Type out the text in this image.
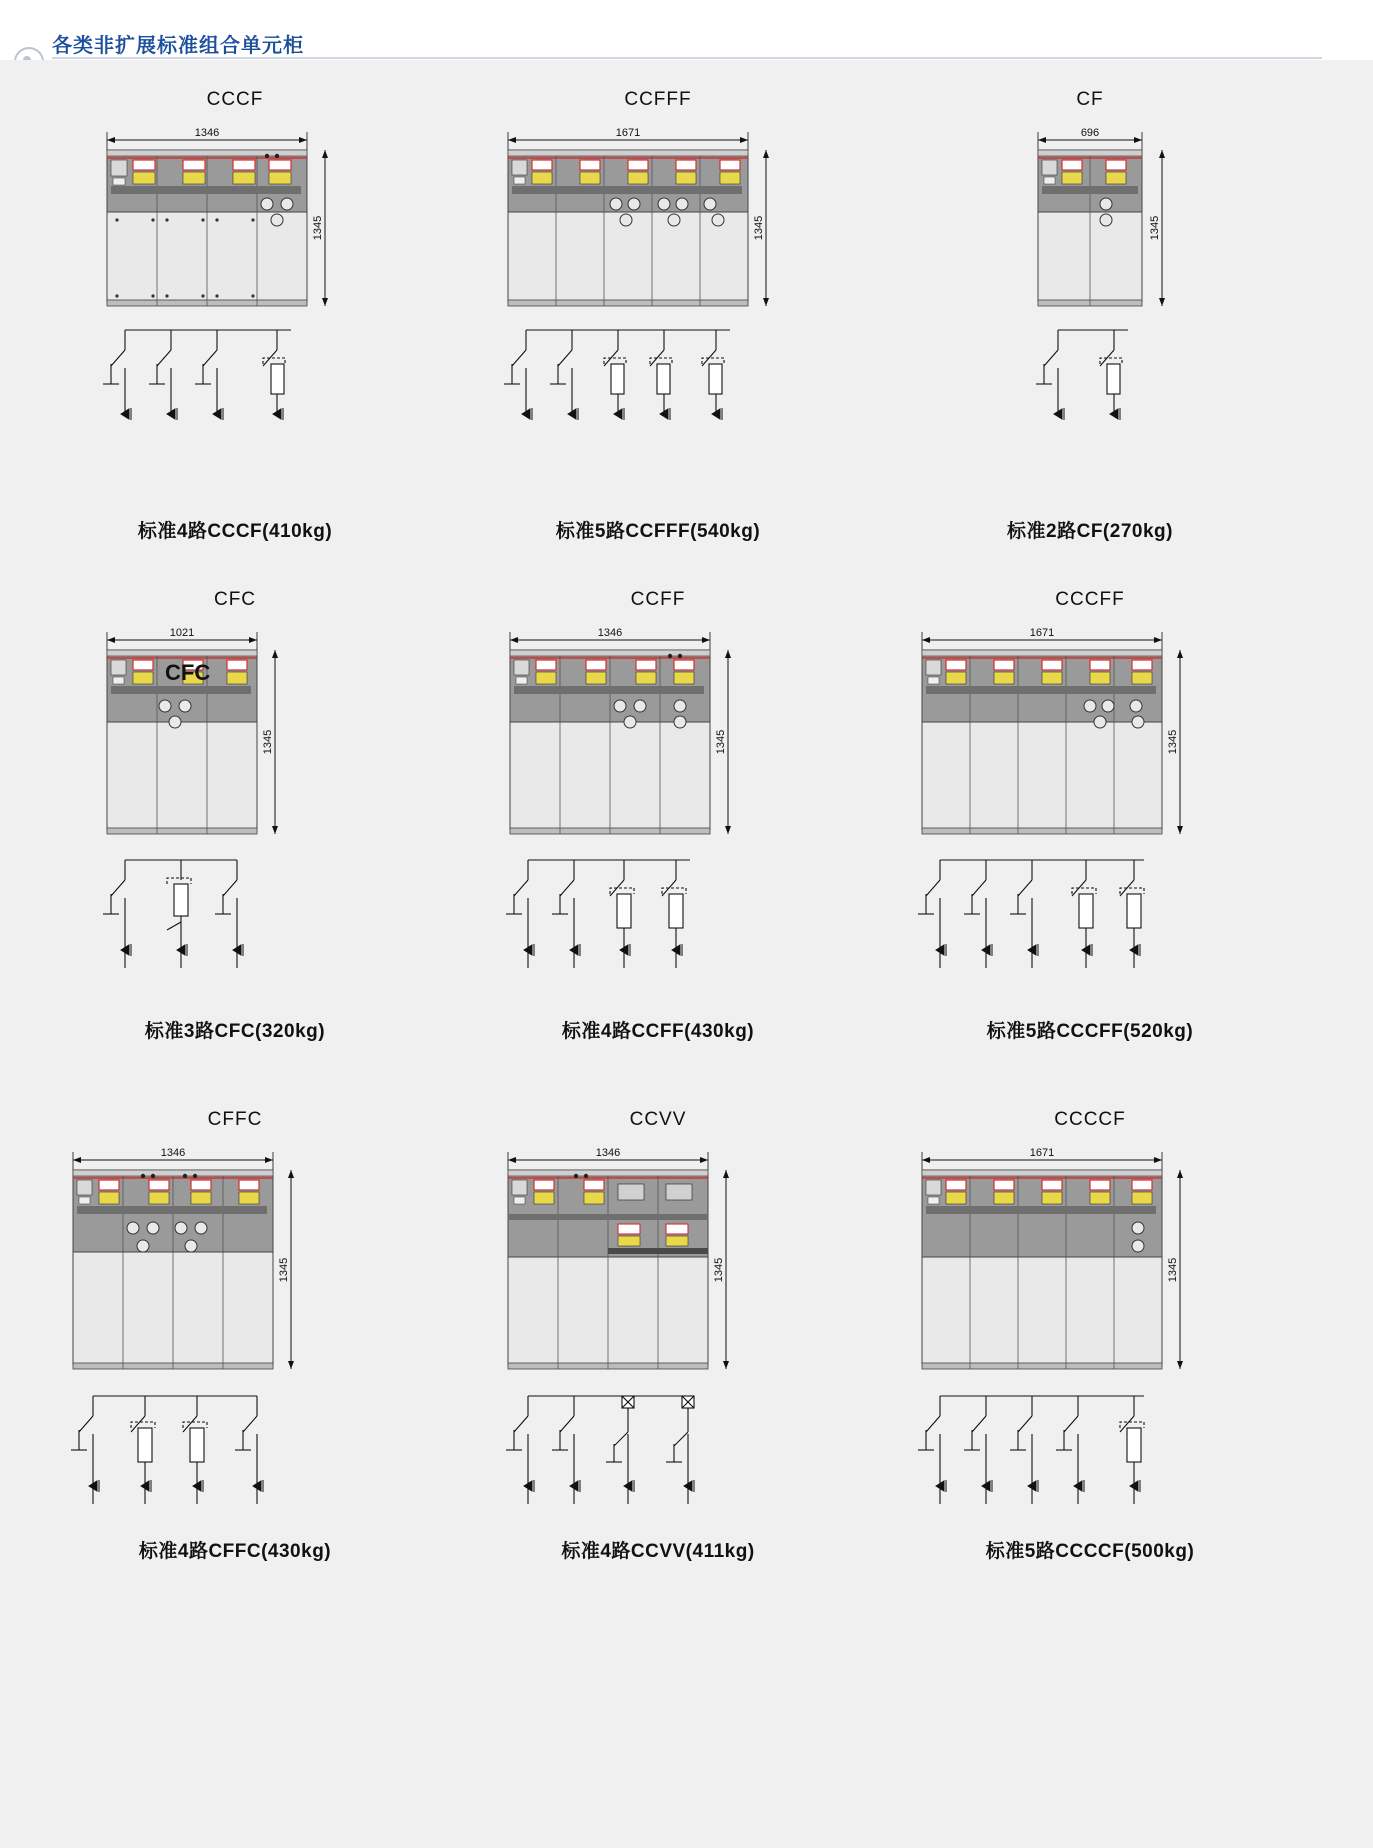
各类非扩展标准组合单元柜
CCCF
1346
1345
标准4路CCCF(410kg)
CCFFF
1671
1345
标准5路CCFFF(540kg)
CF
696
1345
标准2路CF(270kg)
CFC
1021
1345
CFC
标准3路CFC(320kg)
CCFF
1346
1345
标准4路CCFF(430kg)
CCCFF
1671
1345
标准5路CCCFF(520kg)
CFFC
1346
1345
标准4路CFFC(430kg)
CCVV
1346
1345
标准4路CCVV(411kg)
CCCCF
1671
1345
标准5路CCCCF(500kg)
